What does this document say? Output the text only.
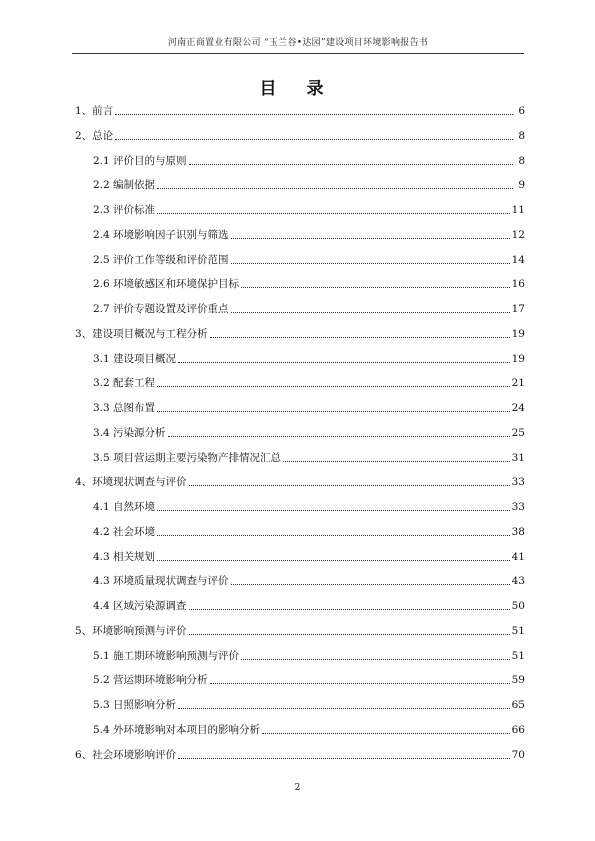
河南正商置业有限公司 “玉兰谷•达园”建设项目环境影响报告书
目 录
1、前言	6
2、总论	8
2.1 评价目的与原则	8
2.2 编制依据	9
2.3 评价标准	11
2.4 环境影响因子识别与筛选	12
2.5 评价工作等级和评价范围	14
2.6 环境敏感区和环境保护目标	16
2.7 评价专题设置及评价重点	17
3、建设项目概况与工程分析	19
3.1 建设项目概况	19
3.2 配套工程	21
3.3 总图布置	24
3.4 污染源分析	25
3.5 项目营运期主要污染物产排情况汇总	31
4、环境现状调查与评价	33
4.1 自然环境	33
4.2 社会环境	38
4.3 相关规划	41
4.3 环境质量现状调查与评价	43
4.4 区域污染源调查	50
5、环境影响预测与评价	51
5.1 施工期环境影响预测与评价	51
5.2 营运期环境影响分析	59
5.3 日照影响分析	65
5.4 外环境影响对本项目的影响分析	66
6、社会环境影响评价	70
2
